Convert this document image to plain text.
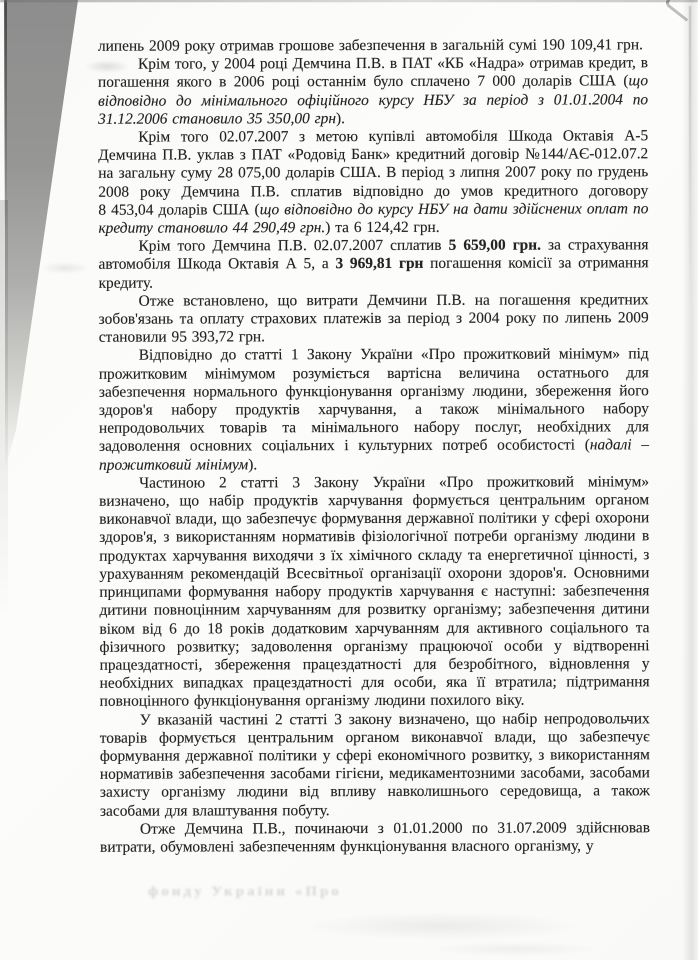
липень 2009 року отримав грошове забезпечення в загальній сумі 190 109,41 грн.

Крім того, у 2004 році Демчина П.В. в ПАТ «КБ «Надра» отримав кредит, в погашення якого в 2006 році останнім було сплачено 7 000 доларів США (що відповідно до мінімального офіційного курсу НБУ за період з 01.01.2004 по 31.12.2006 становило 35 350,00 грн).

Крім того 02.07.2007 з метою купівлі автомобіля Шкода Октавія А-5 Демчина П.В. уклав з ПАТ «Родовід Банк» кредитний договір №144/АЄ-012.07.2 на загальну суму 28 075,00 доларів США. В період з липня 2007 року по грудень 2008 року Демчина П.В. сплатив відповідно до умов кредитного договору 8 453,04 доларів США (що відповідно до курсу НБУ на дати здійснених оплат по кредиту становило 44 290,49 грн.) та 6 124,42 грн.

Крім того Демчина П.В. 02.07.2007 сплатив 5 659,00 грн. за страхування автомобіля Шкода Октавія А 5, а 3 969,81 грн погашення комісії за отримання кредиту.

Отже встановлено, що витрати Демчини П.В. на погашення кредитних зобов'язань та оплату страхових платежів за період з 2004 року по липень 2009 становили 95 393,72 грн.

Відповідно до статті 1 Закону України «Про прожитковий мінімум» під прожитковим мінімумом розуміється вартісна величина остатнього для забезпечення нормального функціонування організму людини, збереження його здоров'я набору продуктів харчування, а також мінімального набору непродовольчих товарів та мінімального набору послуг, необхідних для задоволення основних соціальних і культурних потреб особистості (надалі – прожитковий мінімум).

Частиною 2 статті 3 Закону України «Про прожитковий мінімум» визначено, що набір продуктів харчування формується центральним органом виконавчої влади, що забезпечує формування державної політики у сфері охорони здоров'я, з використанням нормативів фізіологічної потреби організму людини в продуктах харчування виходячи з їх хімічного складу та енергетичної цінності, з урахуванням рекомендацій Всесвітньої організації охорони здоров'я. Основними принципами формування набору продуктів харчування є наступні: забезпечення дитини повноцінним харчуванням для розвитку організму; забезпечення дитини віком від 6 до 18 років додатковим харчуванням для активного соціального та фізичного розвитку; задоволення організму працюючої особи у відтворенні працездатності, збереження працездатності для безробітного, відновлення у необхідних випадках працездатності для особи, яка її втратила; підтримання повноцінного функціонування організму людини похилого віку.

У вказаній частині 2 статті 3 закону визначено, що набір непродовольчих товарів формується центральним органом виконавчої влади, що забезпечує формування державної політики у сфері економічного розвитку, з використанням нормативів забезпечення засобами гігієни, медикаментозними засобами, засобами захисту організму людини від впливу навколишнього середовища, а також засобами для влаштування побуту.

Отже Демчина П.В., починаючи з 01.01.2000 по 31.07.2009 здійснював витрати, обумовлені забезпеченням функціонування власного організму, у

фонду України «Про
